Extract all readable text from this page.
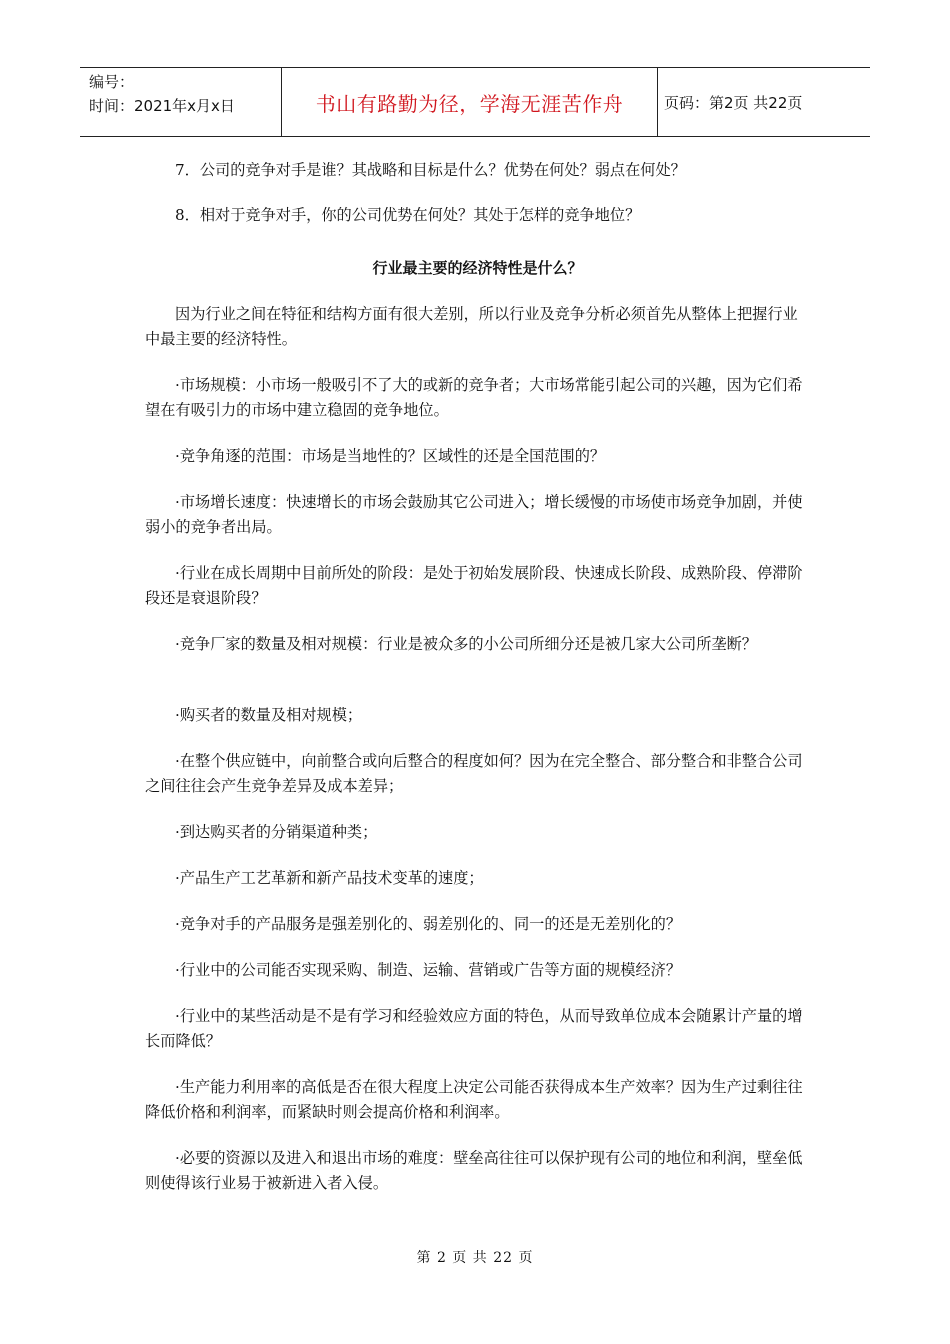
编号：
时间：2021年x月x日	书山有路勤为径，学海无涯苦作舟	页码：第2页 共22页

7．公司的竞争对手是谁？其战略和目标是什么？优势在何处？弱点在何处？

8．相对于竞争对手，你的公司优势在何处？其处于怎样的竞争地位？

行业最主要的经济特性是什么？

因为行业之间在特征和结构方面有很大差别，所以行业及竞争分析必须首先从整体上把握行业中最主要的经济特性。

·市场规模：小市场一般吸引不了大的或新的竞争者；大市场常能引起公司的兴趣，因为它们希望在有吸引力的市场中建立稳固的竞争地位。

·竞争角逐的范围：市场是当地性的？区域性的还是全国范围的？

·市场增长速度：快速增长的市场会鼓励其它公司进入；增长缓慢的市场使市场竞争加剧，并使弱小的竞争者出局。

·行业在成长周期中目前所处的阶段：是处于初始发展阶段、快速成长阶段、成熟阶段、停滞阶段还是衰退阶段？

·竞争厂家的数量及相对规模：行业是被众多的小公司所细分还是被几家大公司所垄断？

·购买者的数量及相对规模；

·在整个供应链中，向前整合或向后整合的程度如何？因为在完全整合、部分整合和非整合公司之间往往会产生竞争差异及成本差异；

·到达购买者的分销渠道种类；

·产品生产工艺革新和新产品技术变革的速度；

·竞争对手的产品服务是强差别化的、弱差别化的、同一的还是无差别化的？

·行业中的公司能否实现采购、制造、运输、营销或广告等方面的规模经济？

·行业中的某些活动是不是有学习和经验效应方面的特色，从而导致单位成本会随累计产量的增长而降低？

·生产能力利用率的高低是否在很大程度上决定公司能否获得成本生产效率？因为生产过剩往往降低价格和利润率，而紧缺时则会提高价格和利润率。

·必要的资源以及进入和退出市场的难度：壁垒高往往可以保护现有公司的地位和利润，壁垒低则使得该行业易于被新进入者入侵。

第 2 页 共 22 页
